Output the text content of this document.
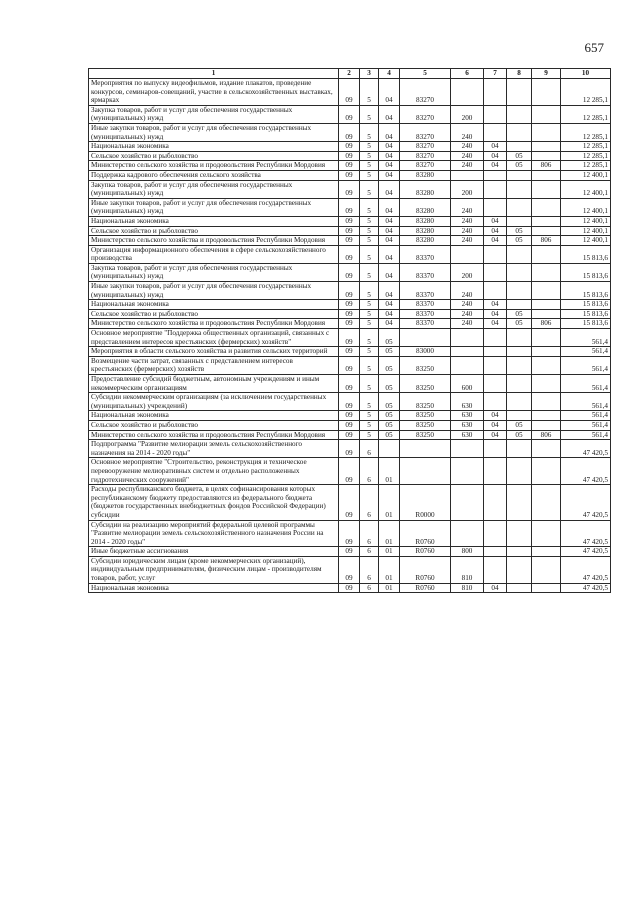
657
1	2	3	4	5	6	7	8	9	10
Мероприятия по выпуску видеофильмов, издание плакатов, проведение конкурсов, семинаров-совещаний, участие в сельскохозяйственных выставках, ярмарках	09	5	04	83270					12 285,1
Закупка товаров, работ и услуг для обеспечения государственных (муниципальных) нужд	09	5	04	83270	200				12 285,1
Иные закупки товаров, работ и услуг для обеспечения государственных (муниципальных) нужд	09	5	04	83270	240				12 285,1
Национальная экономика	09	5	04	83270	240	04			12 285,1
Сельское хозяйство и рыболовство	09	5	04	83270	240	04	05		12 285,1
Министерство сельского хозяйства и продовольствия Республики Мордовия	09	5	04	83270	240	04	05	806	12 285,1
Поддержка кадрового обеспечения сельского хозяйства	09	5	04	83280					12 400,1
Закупка товаров, работ и услуг для обеспечения государственных (муниципальных) нужд	09	5	04	83280	200				12 400,1
Иные закупки товаров, работ и услуг для обеспечения государственных (муниципальных) нужд	09	5	04	83280	240				12 400,1
Национальная экономика	09	5	04	83280	240	04			12 400,1
Сельское хозяйство и рыболовство	09	5	04	83280	240	04	05		12 400,1
Министерство сельского хозяйства и продовольствия Республики Мордовия	09	5	04	83280	240	04	05	806	12 400,1
Организация информационного обеспечения в сфере сельскохозяйственного производства	09	5	04	83370					15 813,6
Закупка товаров, работ и услуг для обеспечения государственных (муниципальных) нужд	09	5	04	83370	200				15 813,6
Иные закупки товаров, работ и услуг для обеспечения государственных (муниципальных) нужд	09	5	04	83370	240				15 813,6
Национальная экономика	09	5	04	83370	240	04			15 813,6
Сельское хозяйство и рыболовство	09	5	04	83370	240	04	05		15 813,6
Министерство сельского хозяйства и продовольствия Республики Мордовия	09	5	04	83370	240	04	05	806	15 813,6
Основное мероприятие "Поддержка общественных организаций, связанных с представлением интересов крестьянских (фермерских) хозяйств"	09	5	05						561,4
Мероприятия в области сельского хозяйства и развития сельских территорий	09	5	05	83000					561,4
Возмещение части затрат, связанных с представлением интересов крестьянских (фермерских) хозяйств	09	5	05	83250					561,4
Предоставление субсидий бюджетным, автономным учреждениям и иным некоммерческим организациям	09	5	05	83250	600				561,4
Субсидии некоммерческим организациям (за исключением государственных (муниципальных) учреждений)	09	5	05	83250	630				561,4
Национальная экономика	09	5	05	83250	630	04			561,4
Сельское хозяйство и рыболовство	09	5	05	83250	630	04	05		561,4
Министерство сельского хозяйства и продовольствия Республики Мордовия	09	5	05	83250	630	04	05	806	561,4
Подпрограмма "Развитие мелиорации земель сельскохозяйственного назначения на 2014 - 2020 годы"	09	6							47 420,5
Основное мероприятие "Строительство, реконструкция и техническое перевооружение мелиоративных систем и отдельно расположенных гидротехнических сооружений"	09	6	01						47 420,5
Расходы республиканского бюджета, в целях софинансирования которых республиканскому бюджету предоставляются из федерального бюджета (бюджетов государственных внебюджетных фондов Российской Федерации) субсидии	09	6	01	R0000					47 420,5
Субсидии на реализацию мероприятий федеральной целевой программы "Развитие мелиорации земель сельскохозяйственного назначения России на 2014 - 2020 годы"	09	6	01	R0760					47 420,5
Иные бюджетные ассигнования	09	6	01	R0760	800				47 420,5
Субсидии юридическим лицам (кроме некоммерческих организаций), индивидуальным предпринимателям, физическим лицам - производителям товаров, работ, услуг	09	6	01	R0760	810				47 420,5
Национальная экономика	09	6	01	R0760	810	04			47 420,5
